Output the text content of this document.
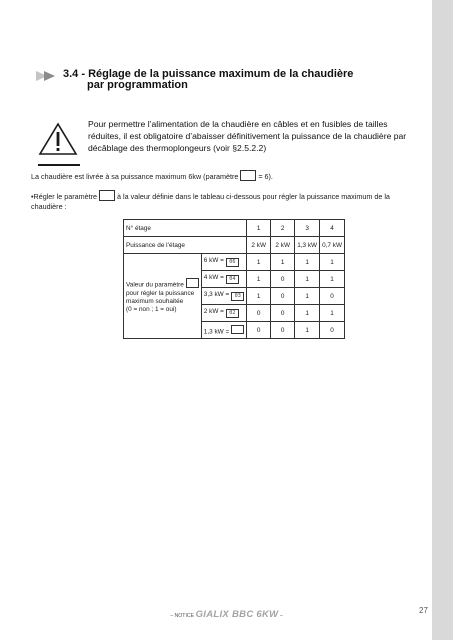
3.4 - Réglage de la puissance maximum de la chaudière
par programmation
Pour permettre l’alimentation de la chaudière en câbles et en fusibles de tailles réduites, il est obligatoire d’abaisser définitivement la puissance de la chaudière par décâblage des thermoplongeurs (voir §2.5.2.2)
La chaudière est livrée à sa puissance maximum 6kw (paramètre	= 6).
•Régler le paramètre	à la valeur définie dans le tableau ci-dessous pour régler la puissance maximum de la chaudière :
N° étage		1	2	3	4
Puissance de l’étage		2 kW	2 kW	1,3 kW	0,7 kW
Valeur du paramètre
pour régler la puissance
maximum souhaitée
(0 = non ; 1 = oui)	6 kW = 06	1	1	1	1
	4 kW = 04	1	0	1	1
	3,3 kW = 03	1	0	1	0
	2 kW = 02	0	0	1	1
	1,3 kW =	0	0	1	0
– NOTICE GIALIX BBC 6KW –
27
